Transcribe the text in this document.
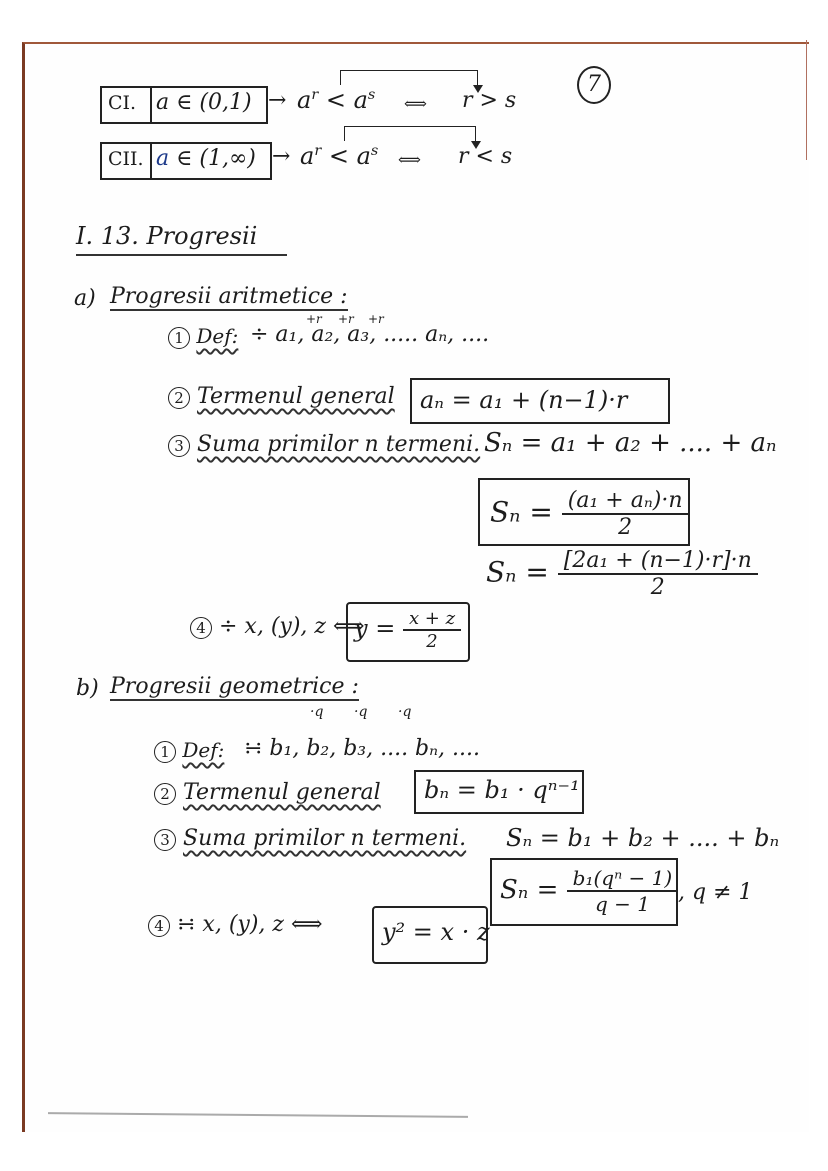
7
CI. a ∈ $(0,1) \to a^r < a^s$ ⟺ r > s
CII. a ∈ $(1,\infty) \to a^r < a^s$ ⟺ r < s
I. 13. Progresii
a) Progresii aritmetice :
1 Def: ÷ a₁, a₂, a₃, ..... aₙ, ....
+r +r +r
2 Termenul general aₙ = a₁ + (n−1)·r
3 Suma primilor n termeni. Sₙ = a₁ + a₂ + .... + aₙ
$S_n = \frac{\text{(a₁ + aₙ)·n}}{2}$
$S_n = \frac{\text{[2a₁ + (n−1)·r]·n}}{2}$
4 ÷ x, (y), z ⟺
$y = \frac{x + z}{2}$
b) Progresii geometrice :
1 Def: ∺ b₁, b₂, b₃, .... bₙ, ....
·q ·q ·q
2 Termenul general bₙ = b₁ · qⁿ⁻¹
3 Suma primilor n termeni. Sₙ = b₁ + b₂ + .... + bₙ
$S_n = \frac{\text{b₁(qⁿ − 1)}}{q - 1}$ , q ≠ 1
4 ∺ x, (y), z ⟺ y² = x · z
